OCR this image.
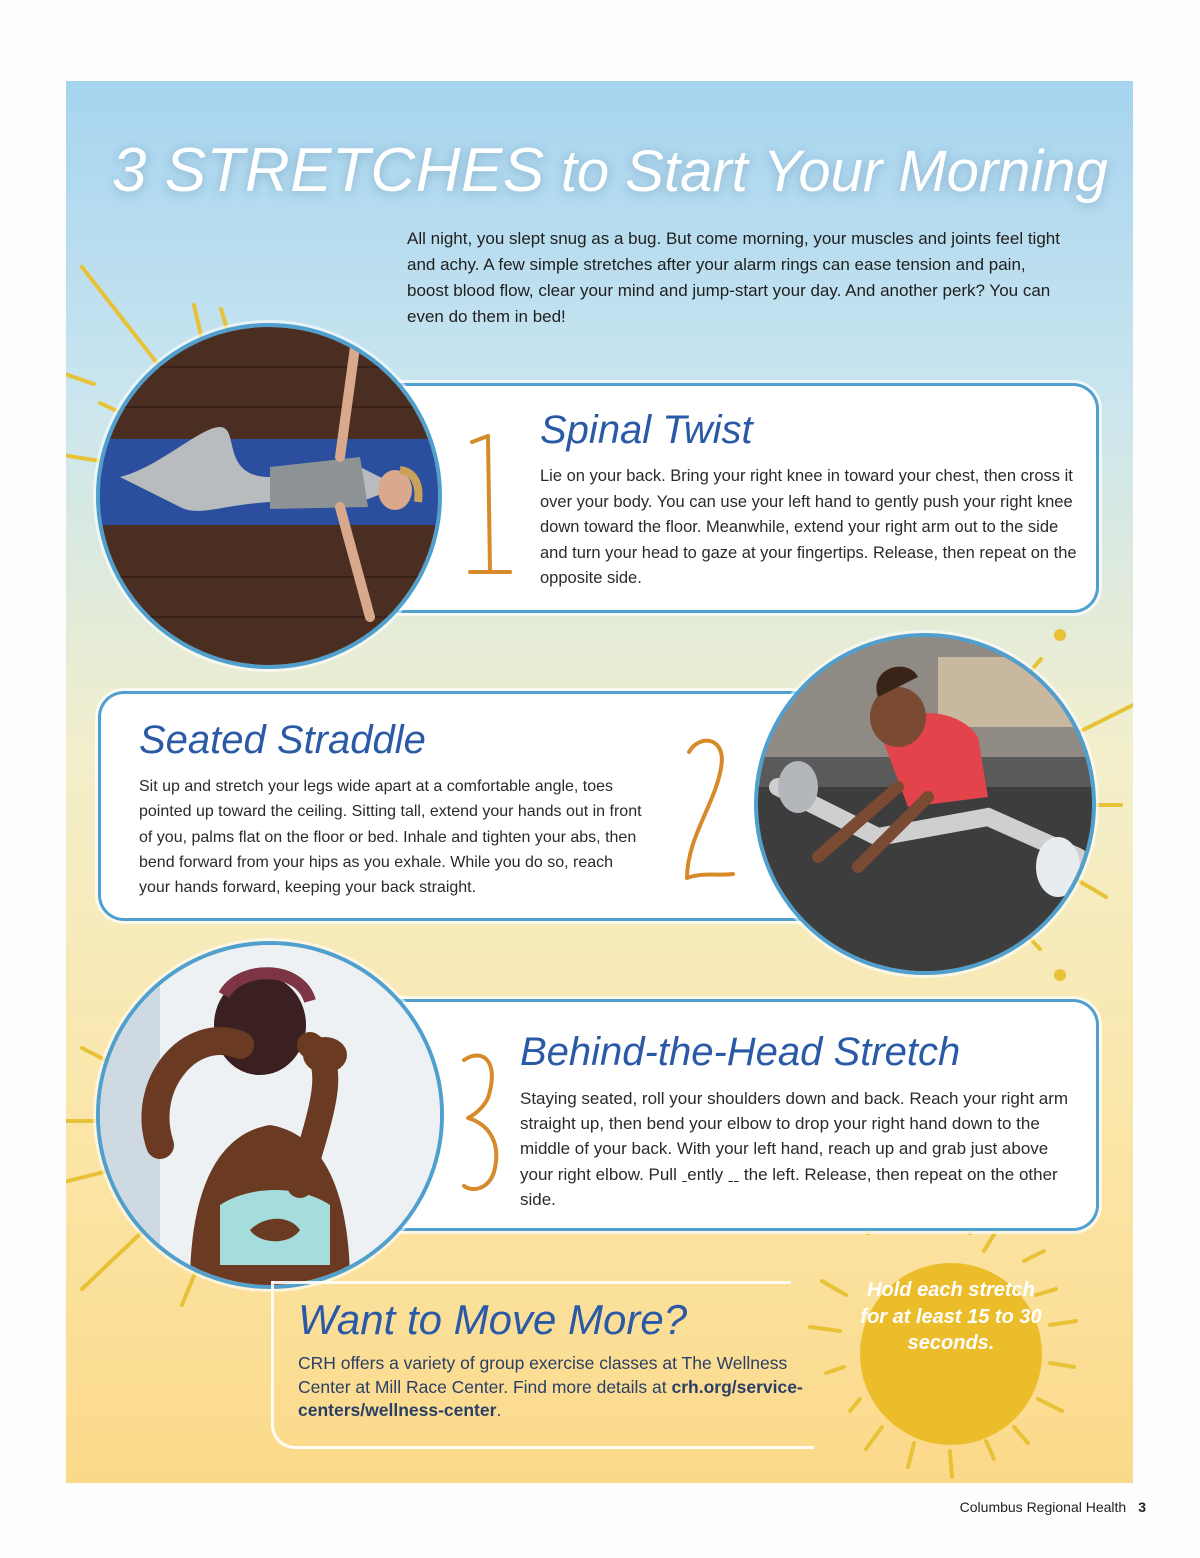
3 STRETCHES to Start Your Morning

All night, you slept snug as a bug. But come morning, your muscles and joints feel tight and achy. A few simple stretches after your alarm rings can ease tension and pain, boost blood flow, clear your mind and jump-start your day. And another perk? You can even do them in bed!

Spinal Twist

Lie on your back. Bring your right knee in toward your chest, then cross it over your body. You can use your left hand to gently push your right knee down toward the floor. Meanwhile, extend your right arm out to the side and turn your head to gaze at your fingertips. Release, then repeat on the opposite side.

Seated Straddle

Sit up and stretch your legs wide apart at a comfortable angle, toes pointed up toward the ceiling. Sitting tall, extend your hands out in front of you, palms flat on the floor or bed. Inhale and tighten your abs, then bend forward from your hips as you exhale. While you do so, reach your hands forward, keeping your back straight.

Behind-the-Head Stretch

Staying seated, roll your shoulders down and back. Reach your right arm straight up, then bend your elbow to drop your right hand down to the middle of your back. With your left hand, reach up and grab just above your right elbow. Pull ˍently ˍˍ the left. Release, then repeat on the other side.

Want to Move More?

CRH offers a variety of group exercise classes at The Wellness Center at Mill Race Center. Find more details at crh.org/service-centers/wellness-center.

Hold each stretch for at least 15 to 30 seconds.

Columbus Regional Health 3
